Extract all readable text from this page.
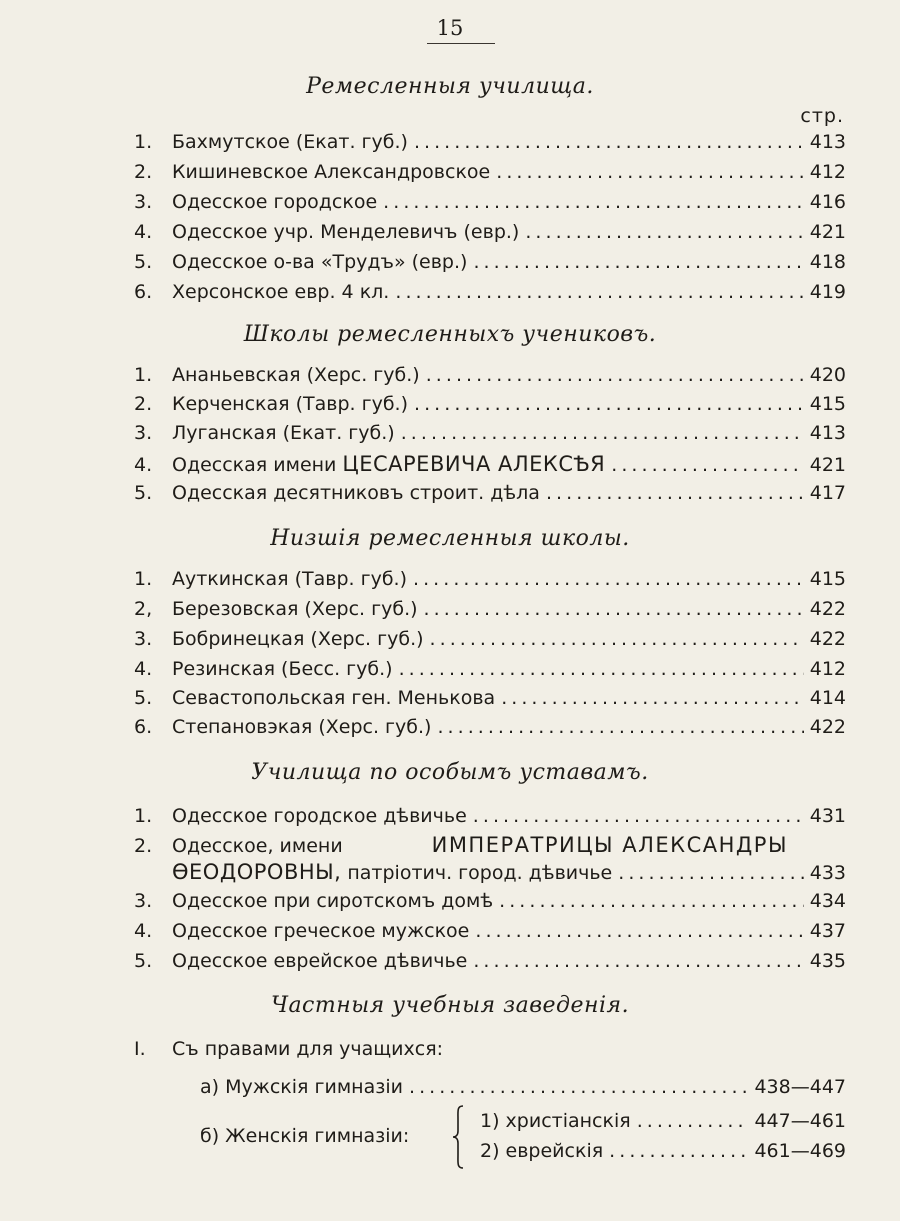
15
Ремесленныя училища.
стр.
1.	Бахмутское (Екат. губ.) . . .	413
2.	Кишиневское Александровское . . .	412
3.	Одесское городское . . .	416
4.	Одесское учр. Менделевичъ (евр.) . . .	421
5.	Одесское о-ва «Трудъ» (евр.) . . .	418
6.	Херсонское евр. 4 кл. . . .	419
Школы ремесленныхъ учениковъ.
1.	Ананьевская (Херс. губ.) . . .	420
2.	Керченская (Тавр. губ.) . . .	415
3.	Луганская (Екат. губ.) . . .	413
4.	Одесская имени ЦЕСАРЕВИЧА АЛЕКСѢЯ . . .	421
5.	Одесская десятниковъ строит. дѣла . . .	417
Низшія ремесленныя школы.
1.	Ауткинская (Тавр. губ.) . . .	415
2,	Березовская (Херс. губ.) . . .	422
3.	Бобринецкая (Херс. губ.) . . .	422
4.	Резинская (Бесс. губ.) . . .	412
5.	Севастопольская ген. Менькова . . .	414
6.	Степановэкая (Херс. губ.) . . .	422
Училища по особымъ уставамъ.
1.	Одесское городское дѣвичье . . .	431
2.	Одесское, имени	ИМПЕРАТРИЦЫ АЛЕКСАНДРЫ
ѲЕОДОРОВНЫ, патріотич. город. дѣвичье . . .	433
3.	Одесское при сиротскомъ домѣ . . .	434
4.	Одесское греческое мужское . . .	437
5.	Одесское еврейское дѣвичье . . .	435
Частныя учебныя заведенія.
I. Съ правами для учащихся:
а) Мужскія гимназіи . . .	438—447
б) Женскія гимназіи:
1) христіанскія . . .	447—461
2) еврейскія . . .	461—469
